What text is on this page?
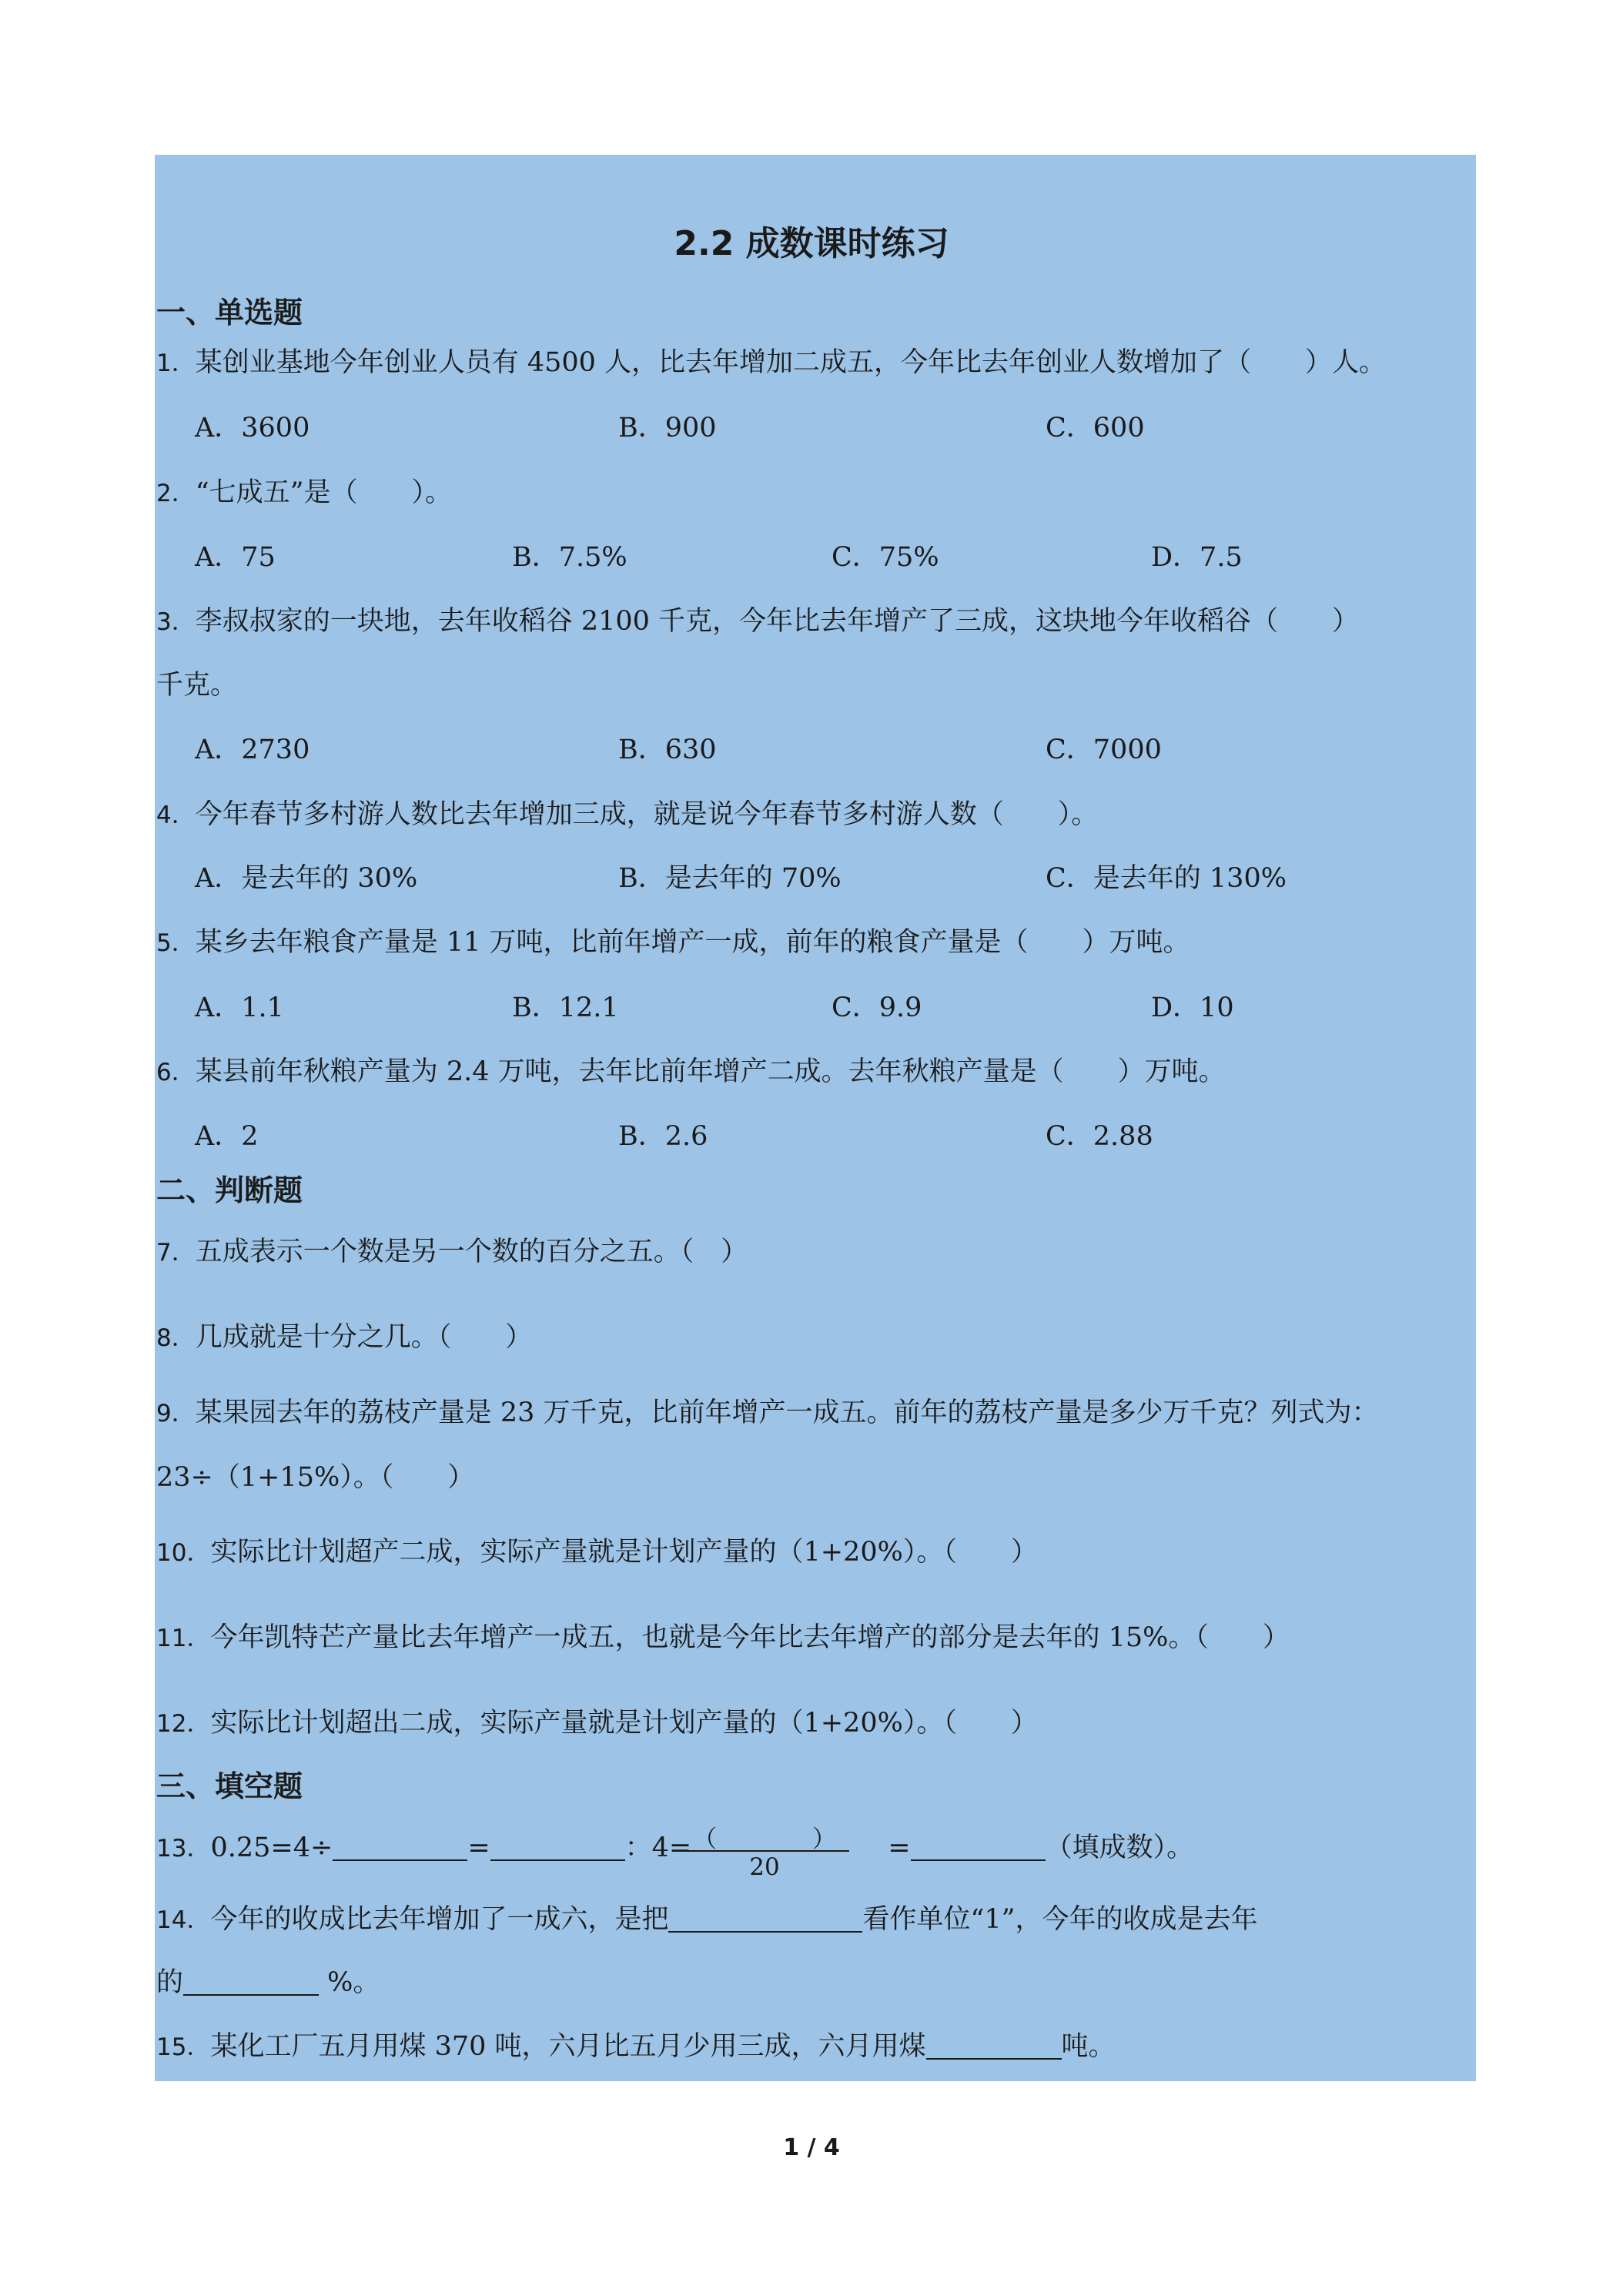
2.2 成数课时练习
一、单选题
1．某创业基地今年创业人员有 4500 人，比去年增加二成五，今年比去年创业人数增加了（　　）人。
A．3600	B．900	C．600
2．“七成五”是（　　）。
A．75	B．7.5%	C．75%	D．7.5
3．李叔叔家的一块地，去年收稻谷 2100 千克，今年比去年增产了三成，这块地今年收稻谷（　　）
千克。
A．2730	B．630	C．7000
4．今年春节多村游人数比去年增加三成，就是说今年春节多村游人数（　　）。
A．是去年的 30%	B．是去年的 70%	C．是去年的 130%
5．某乡去年粮食产量是 11 万吨，比前年增产一成，前年的粮食产量是（　　）万吨。
A．1.1	B．12.1	C．9.9	D．10
6．某县前年秋粮产量为 2.4 万吨，去年比前年增产二成。去年秋粮产量是（　　）万吨。
A．2	B．2.6	C．2.88
二、判断题
7．五成表示一个数是另一个数的百分之五。（　）
8．几成就是十分之几。（　　）
9．某果园去年的荔枝产量是 23 万千克，比前年增产一成五。前年的荔枝产量是多少万千克？列式为：
23÷（1+15%）。（　　）
10．实际比计划超产二成，实际产量就是计划产量的（1+20%）。（　　）
11．今年凯特芒产量比去年增产一成五，也就是今年比去年增产的部分是去年的 15%。（　　）
12．实际比计划超出二成，实际产量就是计划产量的（1+20%）。（　　）
三、填空题
13．0.25=4÷	=	：4=	=	（填成数）。
（　　　　）
20
14．今年的收成比去年增加了一成六，是把	看作单位“1”，今年的收成是去年
的	%。
15．某化工厂五月用煤 370 吨，六月比五月少用三成，六月用煤	吨。
1 / 4
